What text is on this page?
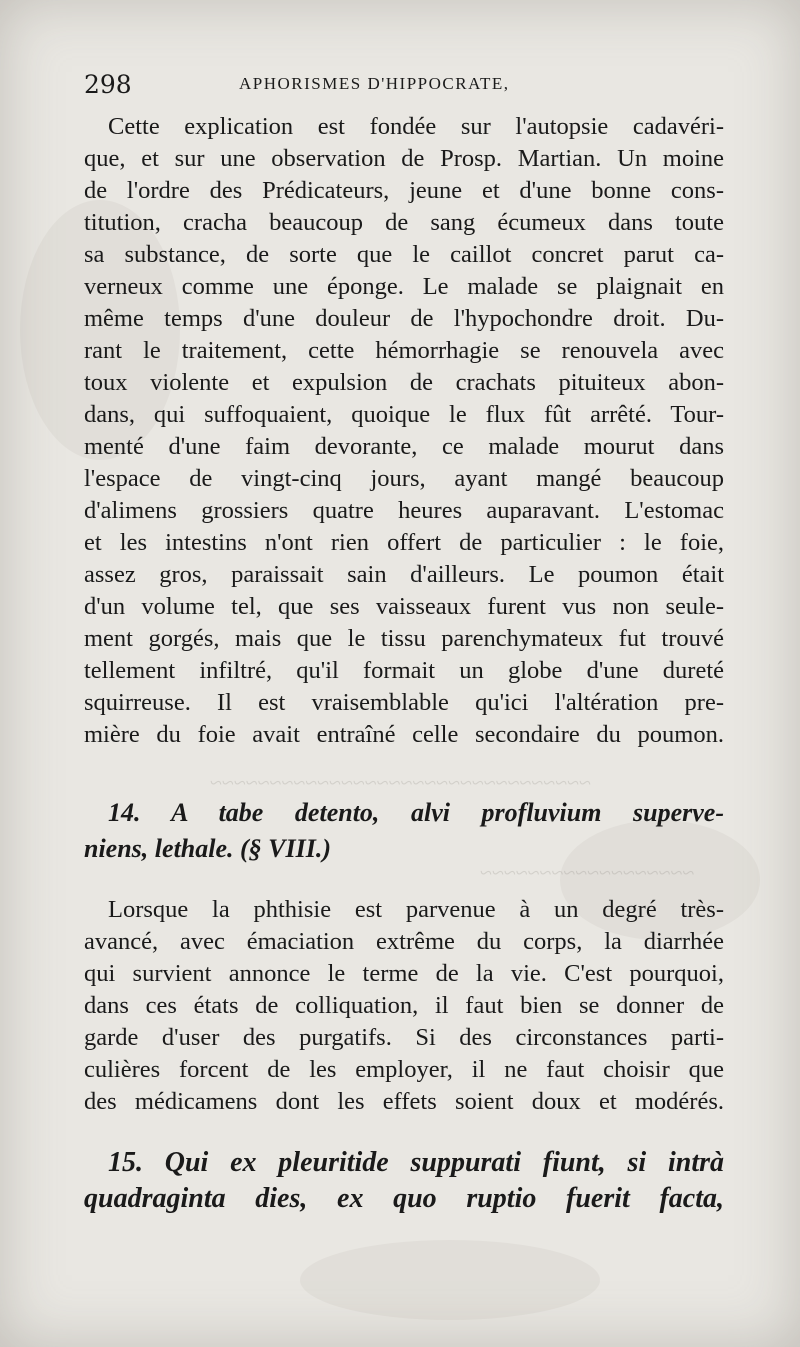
~~~~~~~~~~~~~~~~~~~~~~~~~~~~~~~~
~~~~~~~~~~~~~~~~~~
298	APHORISMES D'HIPPOCRATE,
Cette explication est fondée sur l'autopsie cadavéri-
que, et sur une observation de Prosp. Martian. Un moine
de l'ordre des Prédicateurs, jeune et d'une bonne cons-
titution, cracha beaucoup de sang écumeux dans toute
sa substance, de sorte que le caillot concret parut ca-
verneux comme une éponge. Le malade se plaignait en
même temps d'une douleur de l'hypochondre droit. Du-
rant le traitement, cette hémorrhagie se renouvela avec
toux violente et expulsion de crachats pituiteux abon-
dans, qui suffoquaient, quoique le flux fût arrêté. Tour-
menté d'une faim devorante, ce malade mourut dans
l'espace de vingt-cinq jours, ayant mangé beaucoup
d'alimens grossiers quatre heures auparavant. L'estomac
et les intestins n'ont rien offert de particulier : le foie,
assez gros, paraissait sain d'ailleurs. Le poumon était
d'un volume tel, que ses vaisseaux furent vus non seule-
ment gorgés, mais que le tissu parenchymateux fut trouvé
tellement infiltré, qu'il formait un globe d'une dureté
squirreuse. Il est vraisemblable qu'ici l'altération pre-
mière du foie avait entraîné celle secondaire du poumon.
14. A tabe detento, alvi profluvium superve-
niens, lethale. (§ VIII.)
Lorsque la phthisie est parvenue à un degré très-
avancé, avec émaciation extrême du corps, la diarrhée
qui survient annonce le terme de la vie. C'est pourquoi,
dans ces états de colliquation, il faut bien se donner de
garde d'user des purgatifs. Si des circonstances parti-
culières forcent de les employer, il ne faut choisir que
des médicamens dont les effets soient doux et modérés.
15. Qui ex pleuritide suppurati fiunt, si intrà
quadraginta dies, ex quo ruptio fuerit facta,
